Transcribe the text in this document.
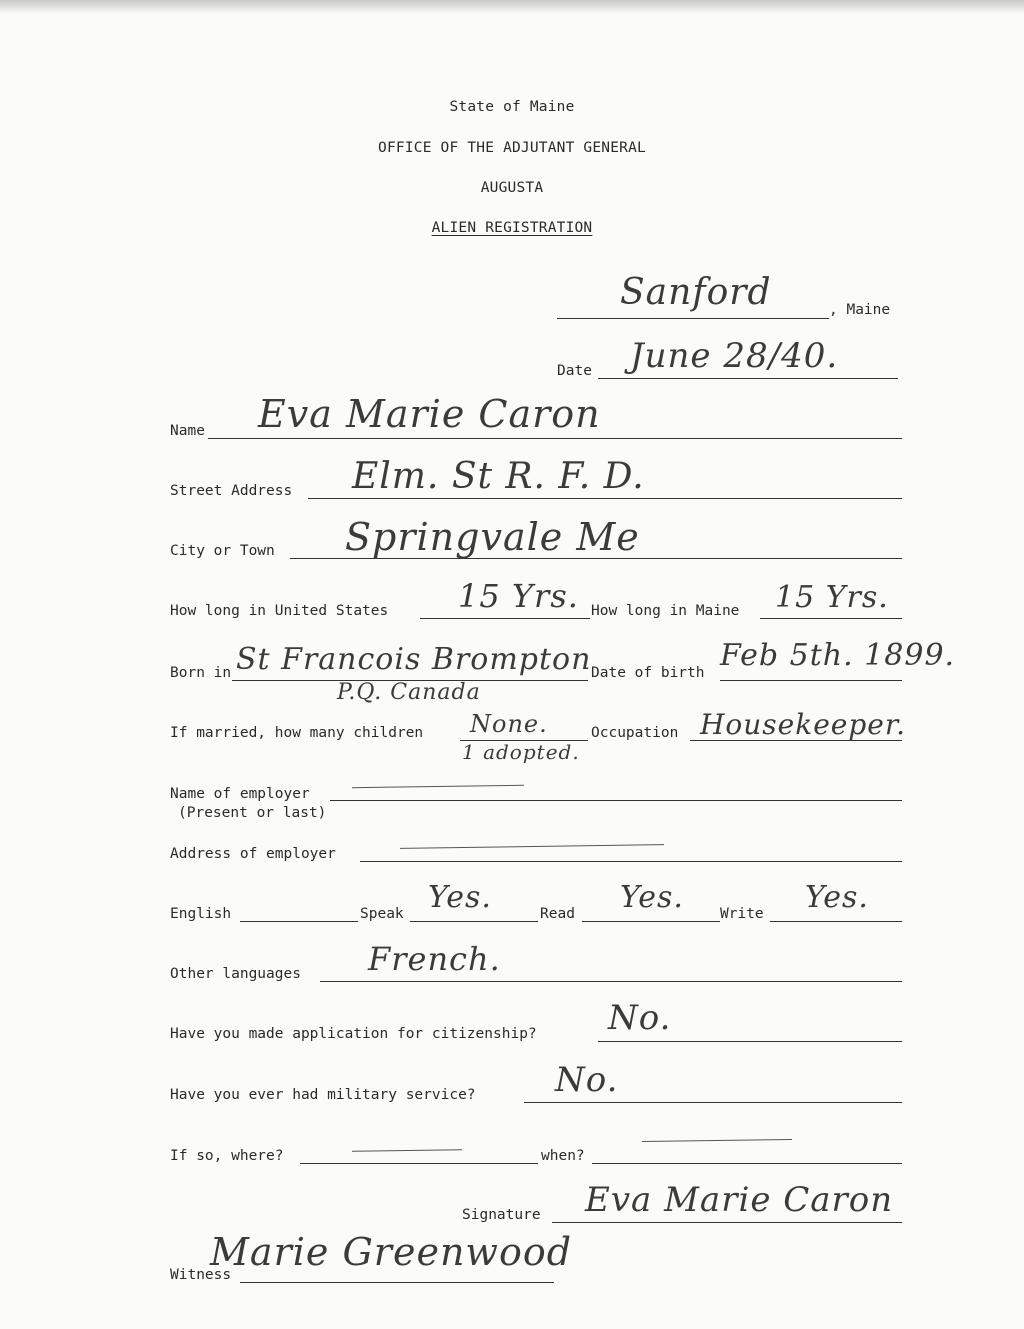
State of Maine
OFFICE OF THE ADJUTANT GENERAL
AUGUSTA
ALIEN REGISTRATION
Sanford	, Maine
Date June 28/40.
Name Eva Marie Caron
Street Address Elm. St R. F. D.
City or Town Springvale Me
How long in United States 15 Yrs. How long in Maine 15 Yrs.
Born in St Francois Brompton
P.Q. Canada
Date of birth Feb 5th. 1899.
If married, how many children None.
1 adopted.
Occupation Housekeeper.
Name of employer
(Present or last)
Address of employer
English	Speak Yes.	Read Yes. Write Yes.
Other languages French.
Have you made application for citizenship? No.
Have you ever had military service? No.
If so, where?	when?
Signature Eva Marie Caron
Witness
Marie Greenwood
